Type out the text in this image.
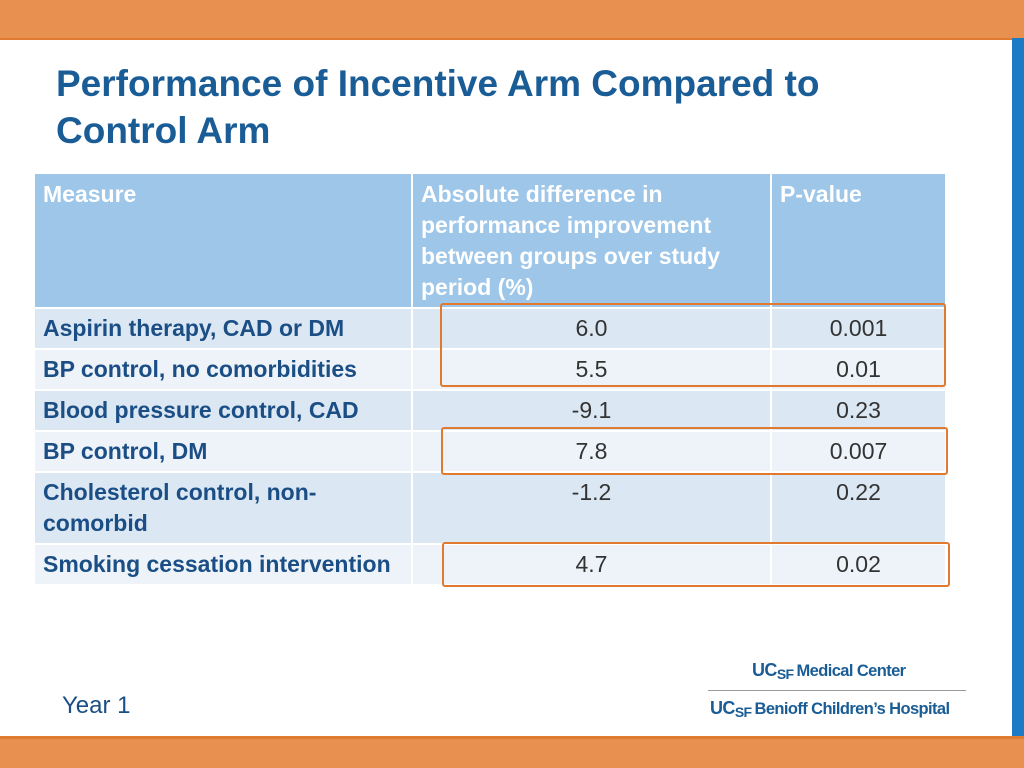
Performance of Incentive Arm Compared to Control Arm
Measure	Absolute difference in performance improvement between groups over study period (%)	P-value
Aspirin therapy, CAD or DM	6.0	0.001
BP control, no comorbidities	5.5	0.01
Blood pressure control, CAD	-9.1	0.23
BP control, DM	7.8	0.007
Cholesterol control, non-comorbid	-1.2	0.22
Smoking cessation intervention	4.7	0.02
Year 1
UCSF Medical Center
UCSF Benioff Children’s Hospital
